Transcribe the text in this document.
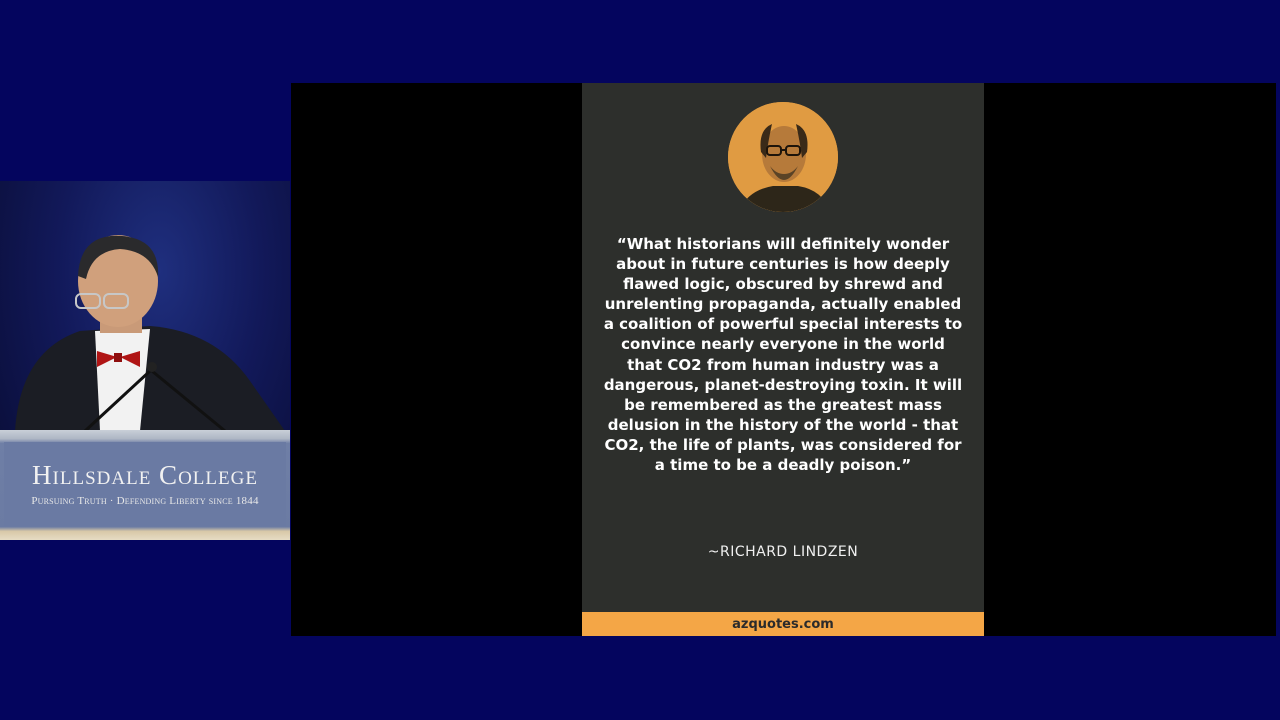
Hillsdale College
Pursuing Truth · Defending Liberty since 1844

“What historians will definitely wonder about in future centuries is how deeply flawed logic, obscured by shrewd and unrelenting propaganda, actually enabled a coalition of powerful special interests to convince nearly everyone in the world that CO2 from human industry was a dangerous, planet-destroying toxin. It will be remembered as the greatest mass delusion in the history of the world - that CO2, the life of plants, was considered for a time to be a deadly poison.”

~RICHARD LINDZEN
azquotes.com
